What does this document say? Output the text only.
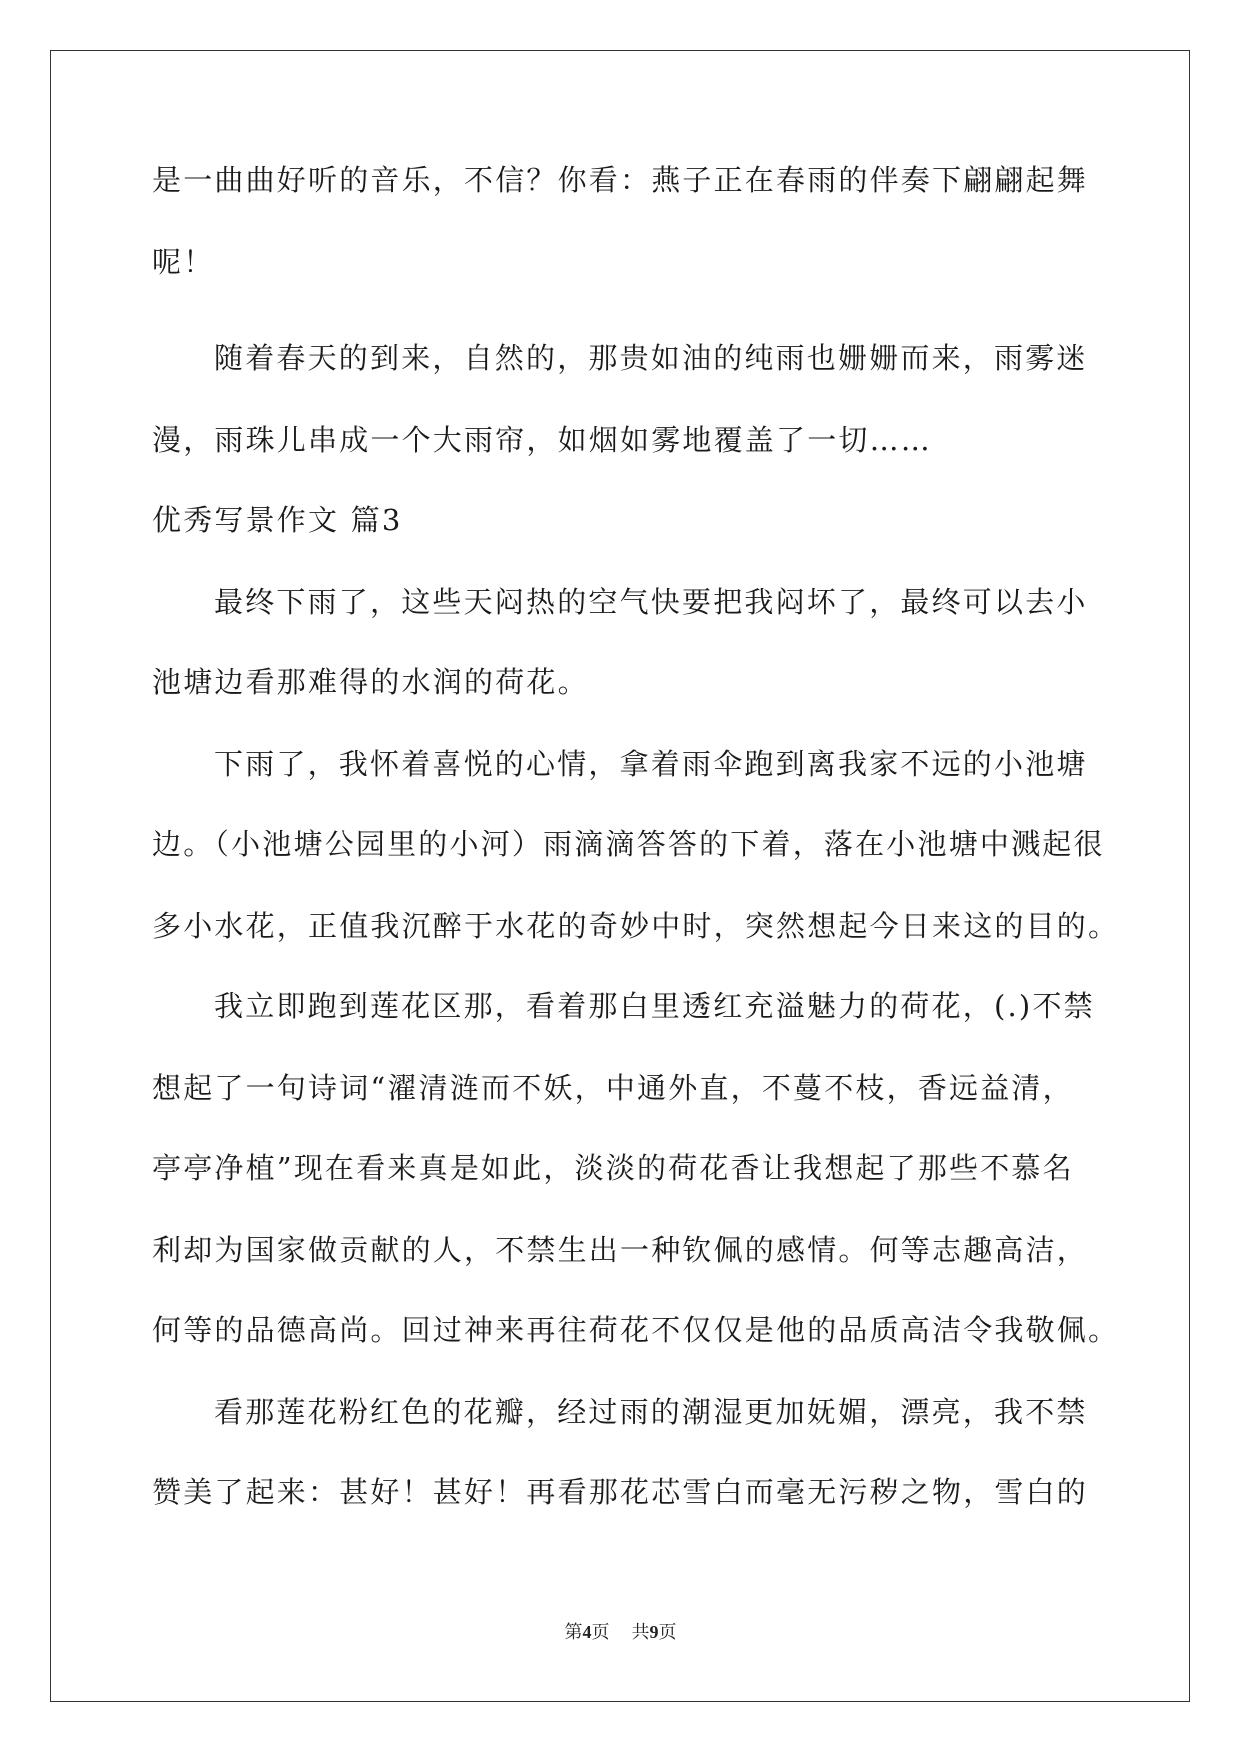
是一曲曲好听的音乐，不信？你看：燕子正在春雨的伴奏下翩翩起舞
呢！
随着春天的到来，自然的，那贵如油的纯雨也姗姗而来，雨雾迷
漫，雨珠儿串成一个大雨帘，如烟如雾地覆盖了一切……
优秀写景作文 篇3
最终下雨了，这些天闷热的空气快要把我闷坏了，最终可以去小
池塘边看那难得的水润的荷花。
下雨了，我怀着喜悦的心情，拿着雨伞跑到离我家不远的小池塘
边。（小池塘公园里的小河）雨滴滴答答的下着，落在小池塘中溅起很
多小水花，正值我沉醉于水花的奇妙中时，突然想起今日来这的目的。
我立即跑到莲花区那，看着那白里透红充溢魅力的荷花，(.)不禁
想起了一句诗词“濯清涟而不妖，中通外直，不蔓不枝，香远益清，
亭亭净植”现在看来真是如此，淡淡的荷花香让我想起了那些不慕名
利却为国家做贡献的人，不禁生出一种钦佩的感情。何等志趣高洁，
何等的品德高尚。回过神来再往荷花不仅仅是他的品质高洁令我敬佩。
看那莲花粉红色的花瓣，经过雨的潮湿更加妩媚，漂亮，我不禁
赞美了起来：甚好！甚好！再看那花芯雪白而毫无污秽之物，雪白的
第4页 共9页
